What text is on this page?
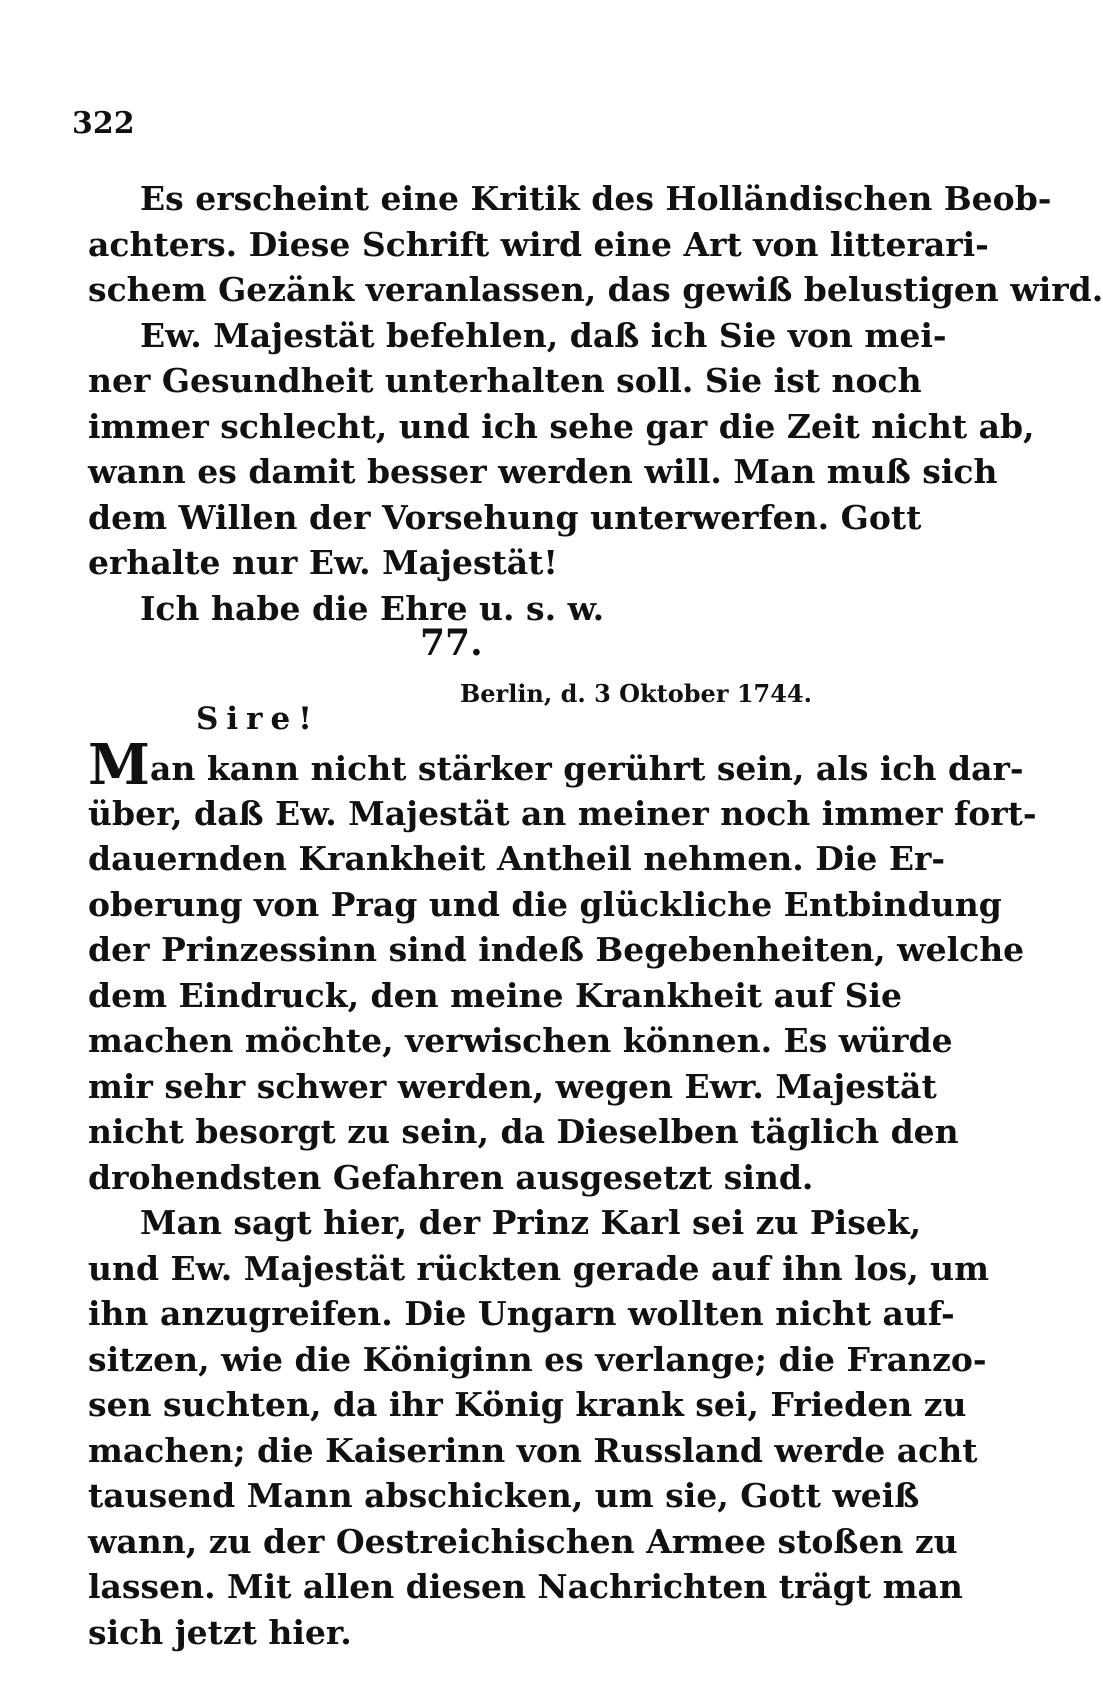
322
Es erscheint eine Kritik des Holländischen Beob-
achters. Diese Schrift wird eine Art von litterari-
schem Gezänk veranlassen, das gewiß belustigen wird.
Ew. Majestät befehlen, daß ich Sie von mei-
ner Gesundheit unterhalten soll. Sie ist noch
immer schlecht, und ich sehe gar die Zeit nicht ab,
wann es damit besser werden will. Man muß sich
dem Willen der Vorsehung unterwerfen. Gott
erhalte nur Ew. Majestät!
Ich habe die Ehre u. s. w.
77.
Berlin, d. 3 Oktober 1744.
Sire!
Man kann nicht stärker gerührt sein, als ich dar-
über, daß Ew. Majestät an meiner noch immer fort-
dauernden Krankheit Antheil nehmen. Die Er-
oberung von Prag und die glückliche Entbindung
der Prinzessinn sind indeß Begebenheiten, welche
dem Eindruck, den meine Krankheit auf Sie
machen möchte, verwischen können. Es würde
mir sehr schwer werden, wegen Ewr. Majestät
nicht besorgt zu sein, da Dieselben täglich den
drohendsten Gefahren ausgesetzt sind.
Man sagt hier, der Prinz Karl sei zu Pisek,
und Ew. Majestät rückten gerade auf ihn los, um
ihn anzugreifen. Die Ungarn wollten nicht auf-
sitzen, wie die Königinn es verlange; die Franzo-
sen suchten, da ihr König krank sei, Frieden zu
machen; die Kaiserinn von Russland werde acht
tausend Mann abschicken, um sie, Gott weiß
wann, zu der Oestreichischen Armee stoßen zu
lassen. Mit allen diesen Nachrichten trägt man
sich jetzt hier.
